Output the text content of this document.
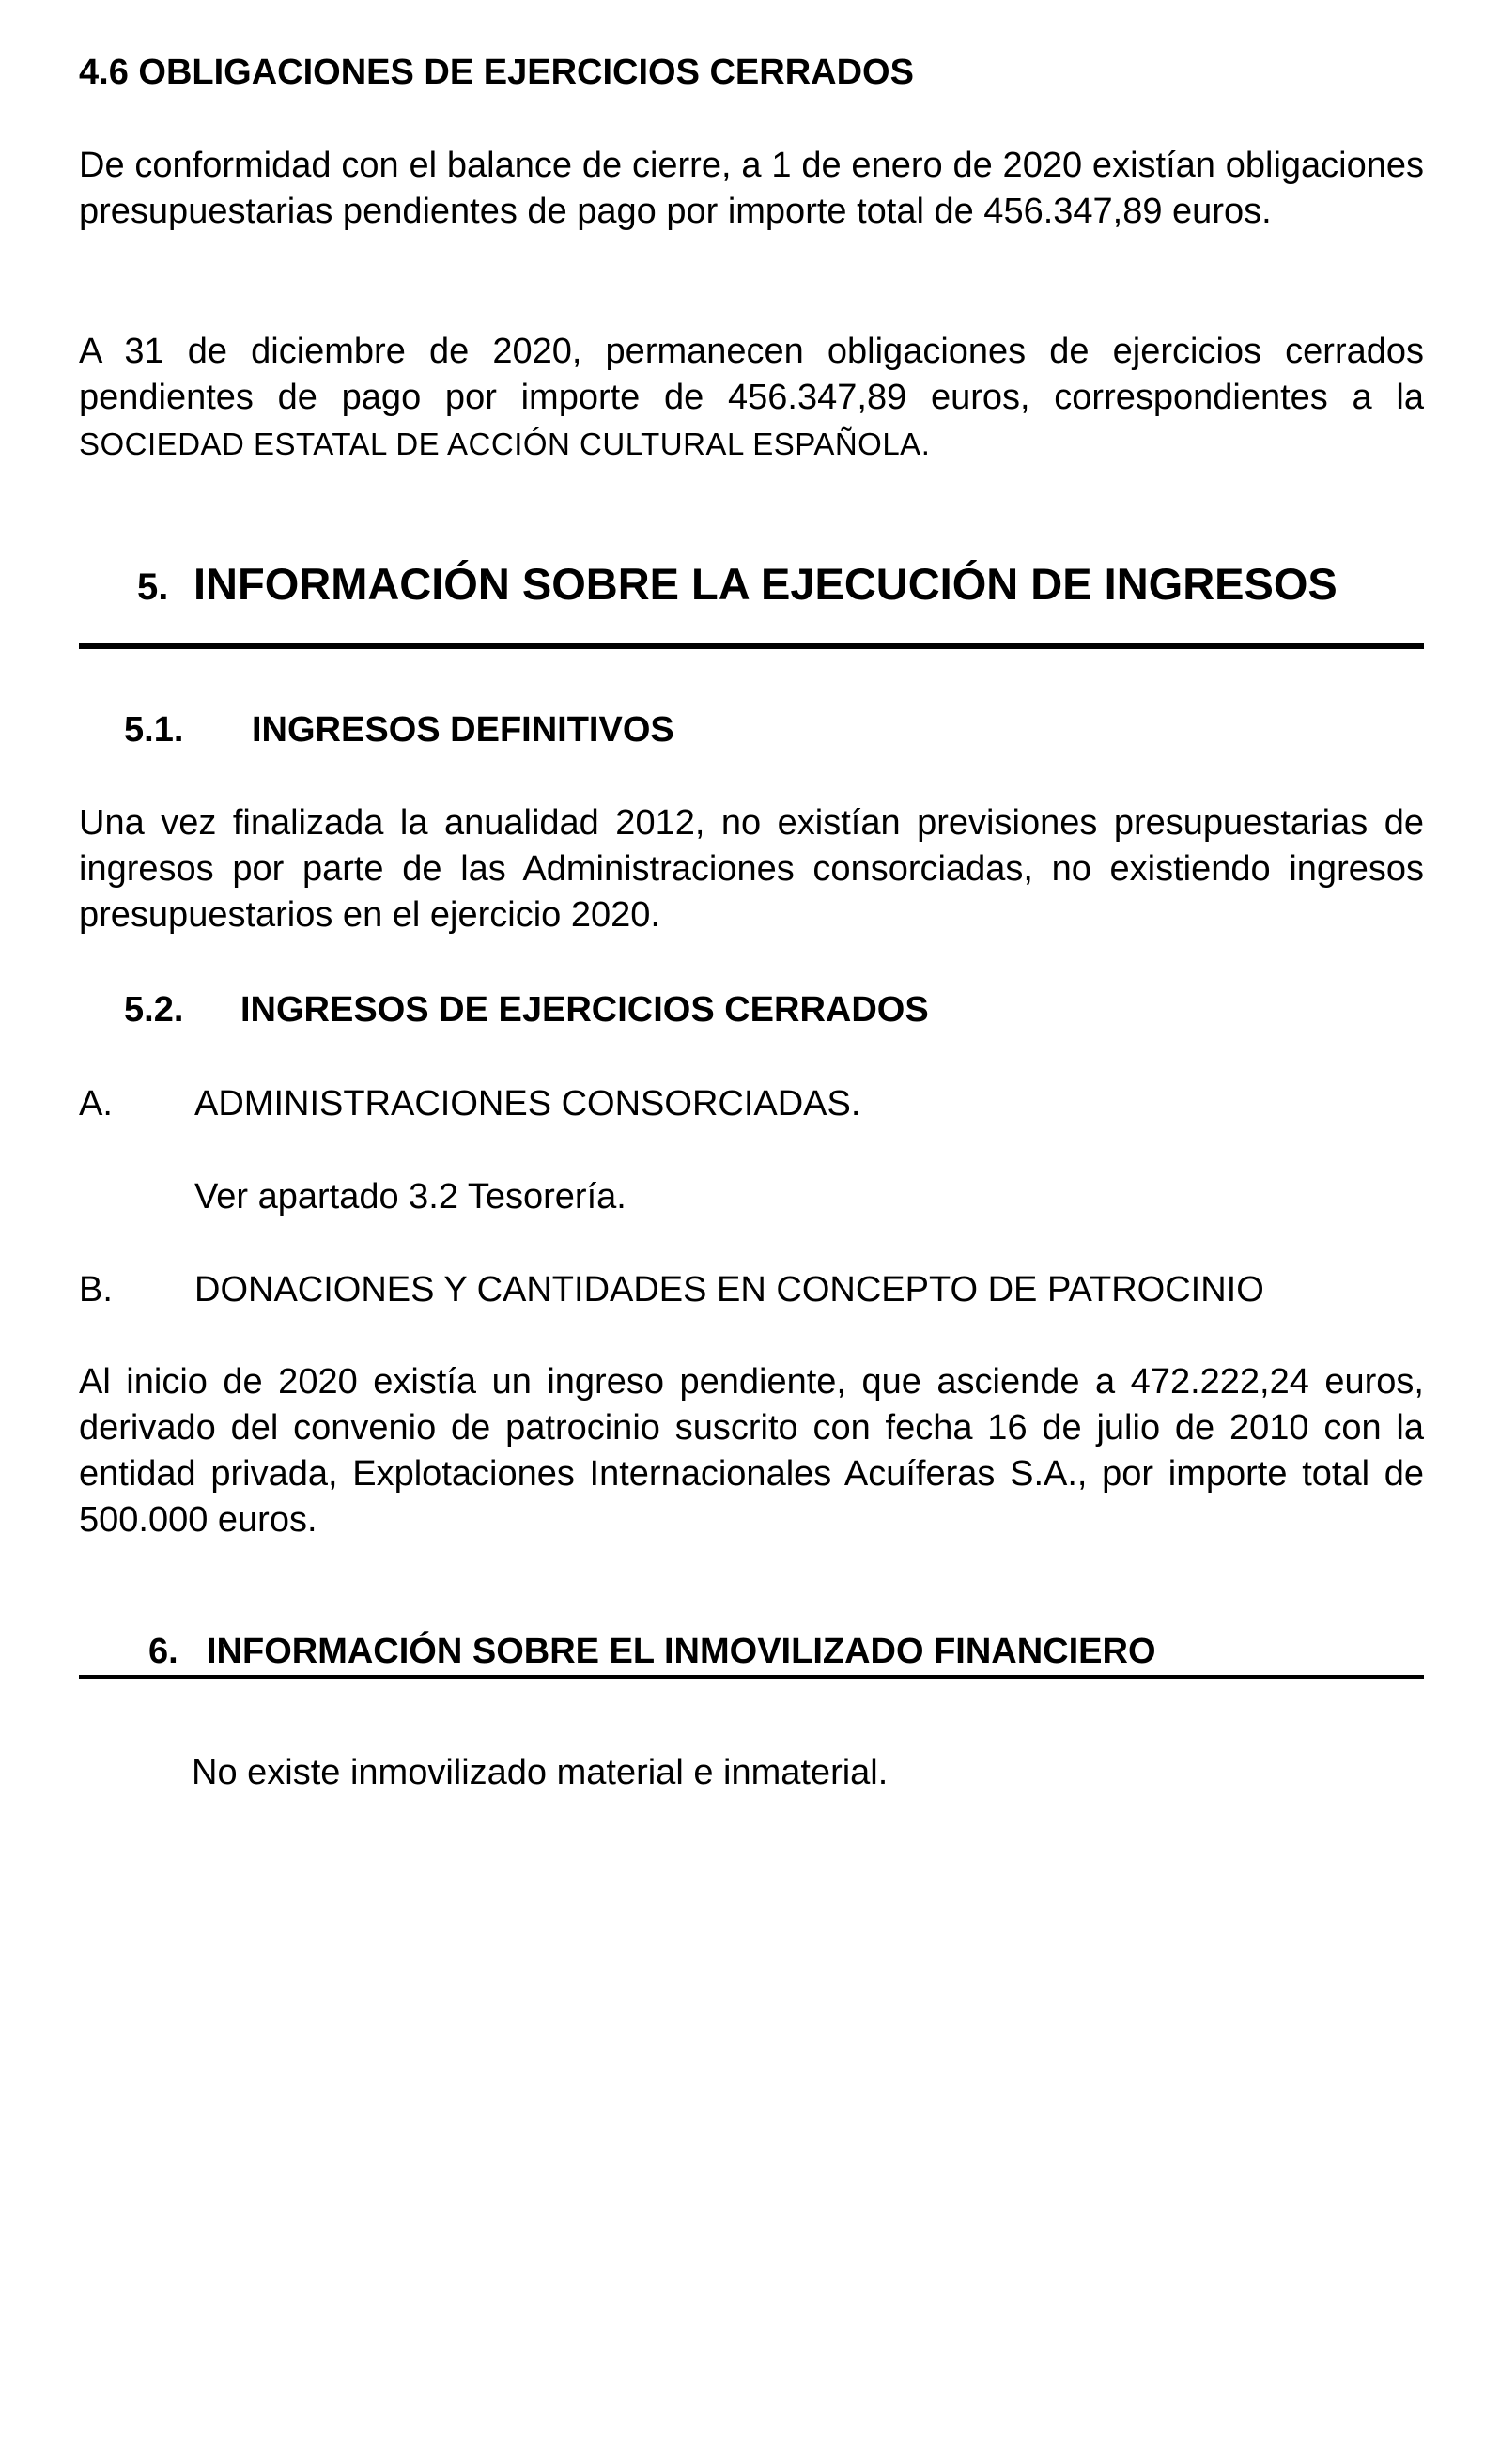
4.6 OBLIGACIONES DE EJERCICIOS CERRADOS

De conformidad con el balance de cierre, a 1 de enero de 2020 existían obligaciones presupuestarias pendientes de pago por importe total de 456.347,89 euros.

A 31 de diciembre de 2020, permanecen obligaciones de ejercicios cerrados pendientes de pago por importe de 456.347,89 euros, correspondientes a la SOCIEDAD ESTATAL DE ACCIÓN CULTURAL ESPAÑOLA.

5. INFORMACIÓN SOBRE LA EJECUCIÓN DE INGRESOS
5.1. INGRESOS DEFINITIVOS

Una vez finalizada la anualidad 2012, no existían previsiones presupuestarias de ingresos por parte de las Administraciones consorciadas, no existiendo ingresos presupuestarios en el ejercicio 2020.

5.2. INGRESOS DE EJERCICIOS CERRADOS
A. ADMINISTRACIONES CONSORCIADAS.
Ver apartado 3.2 Tesorería.
B. DONACIONES Y CANTIDADES EN CONCEPTO DE PATROCINIO

Al inicio de 2020 existía un ingreso pendiente, que asciende a 472.222,24 euros, derivado del convenio de patrocinio suscrito con fecha 16 de julio de 2010 con la entidad privada, Explotaciones Internacionales Acuíferas S.A., por importe total de 500.000 euros.

6. INFORMACIÓN SOBRE EL INMOVILIZADO FINANCIERO
No existe inmovilizado material e inmaterial.
